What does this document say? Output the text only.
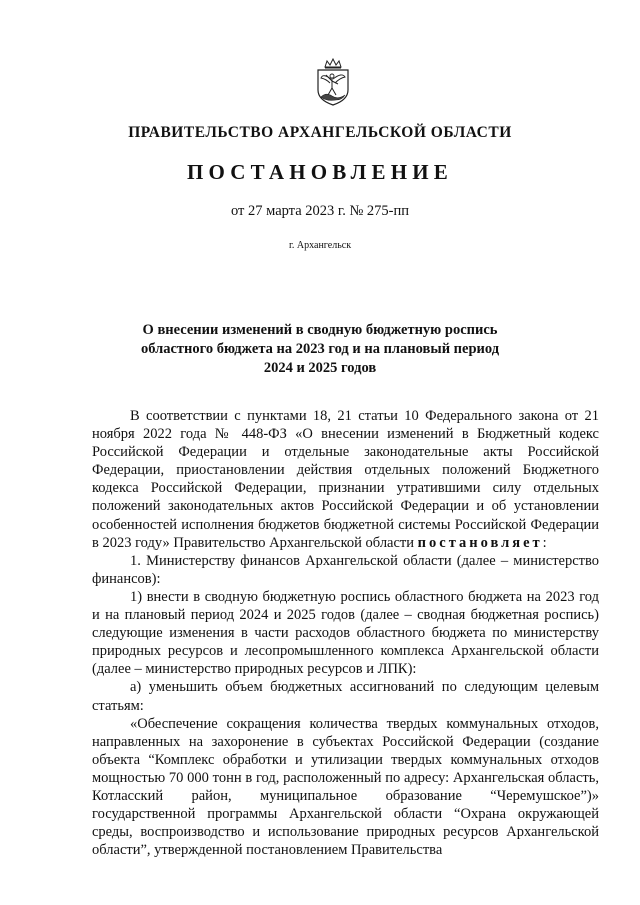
ПРАВИТЕЛЬСТВО АРХАНГЕЛЬСКОЙ ОБЛАСТИ
ПОСТАНОВЛЕНИЕ
от 27 марта 2023 г. № 275-пп
г. Архангельск
О внесении изменений в сводную бюджетную роспись
областного бюджета на 2023 год и на плановый период
2024 и 2025 годов

В соответствии с пунктами 18, 21 статьи 10 Федерального закона от 21 ноября 2022 года № 448-ФЗ «О внесении изменений в Бюджетный кодекс Российской Федерации и отдельные законодательные акты Российской Федерации, приостановлении действия отдельных положений Бюджетного кодекса Российской Федерации, признании утратившими силу отдельных положений законодательных актов Российской Федерации и об установлении особенностей исполнения бюджетов бюджетной системы Российской Федерации в 2023 году» Правительство Архангельской области постановляет:

1. Министерству финансов Архангельской области (далее – министерство финансов):

1) внести в сводную бюджетную роспись областного бюджета на 2023 год и на плановый период 2024 и 2025 годов (далее – сводная бюджетная роспись) следующие изменения в части расходов областного бюджета по министерству природных ресурсов и лесопромышленного комплекса Архангельской области (далее – министерство природных ресурсов и ЛПК):

а) уменьшить объем бюджетных ассигнований по следующим целевым статьям:

«Обеспечение сокращения количества твердых коммунальных отходов, направленных на захоронение в субъектах Российской Федерации (создание объекта “Комплекс обработки и утилизации твердых коммунальных отходов мощностью 70 000 тонн в год, расположенный по адресу: Архангельская область, Котласский район, муниципальное образование “Черемушское”)» государственной программы Архангельской области “Охрана окружающей среды, воспроизводство и использование природных ресурсов Архангельской области”, утвержденной постановлением Правительства
